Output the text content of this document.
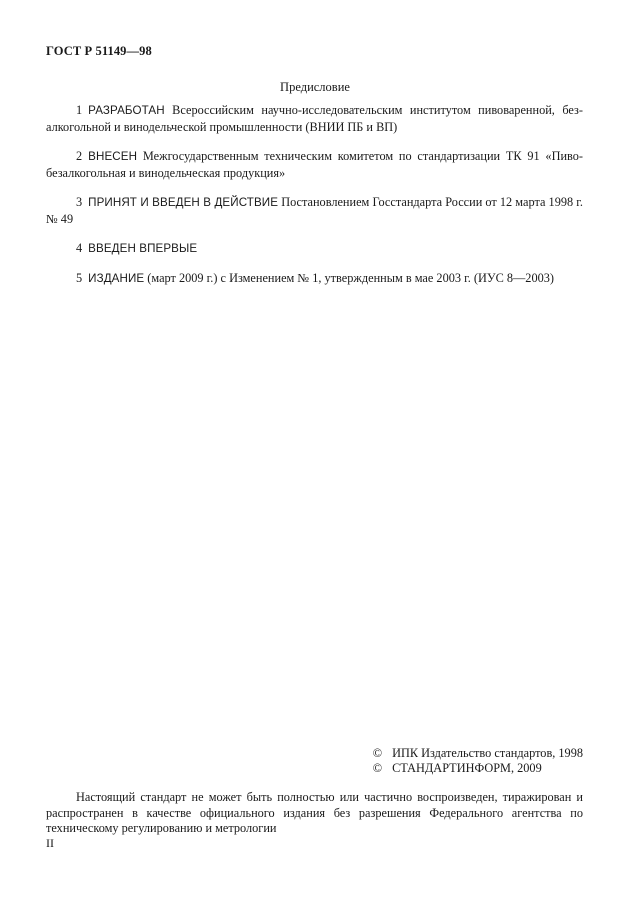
ГОСТ Р 51149—98
Предисловие

1 РАЗРАБОТАН Всероссийским научно-исследовательским институтом пивоваренной, без-алкогольной и винодельческой промышленности (ВНИИ ПБ и ВП)

2 ВНЕСЕН Межгосударственным техническим комитетом по стандартизации ТК 91 «Пиво-безалкогольная и винодельческая продукция»

3 ПРИНЯТ И ВВЕДЕН В ДЕЙСТВИЕ Постановлением Госстандарта России от 12 марта 1998 г. № 49

4 ВВЕДЕН ВПЕРВЫЕ

5 ИЗДАНИЕ (март 2009 г.) с Изменением № 1, утвержденным в мае 2003 г. (ИУС 8—2003)

© ИПК Издательство стандартов, 1998
© СТАНДАРТИНФОРМ, 2009
Настоящий стандарт не может быть полностью или частично воспроизведен, тиражирован и распространен в качестве официального издания без разрешения Федерального агентства по техническому регулированию и метрологии
II
